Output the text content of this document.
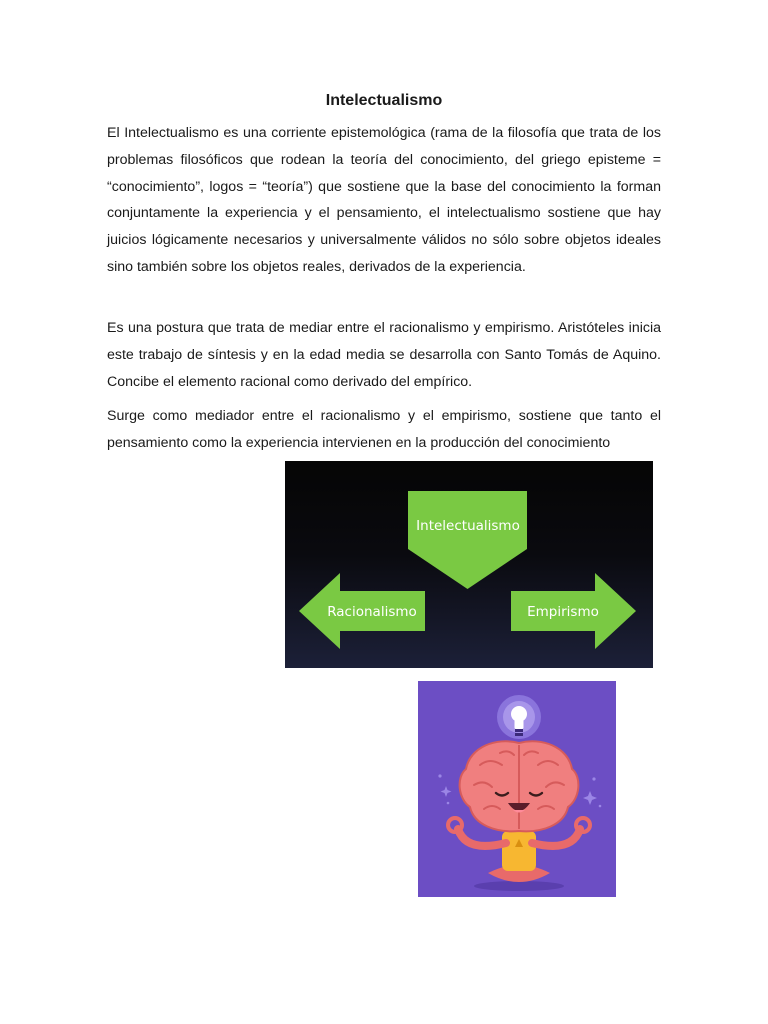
Intelectualismo

El Intelectualismo es una corriente epistemológica (rama de la filosofía que trata de los problemas filosóficos que rodean la teoría del conocimiento, del griego episteme = “conocimiento”, logos = “teoría”) que sostiene que la base del conocimiento la forman conjuntamente la experiencia y el pensamiento, el intelectualismo sostiene que hay juicios lógicamente necesarios y universalmente válidos no sólo sobre objetos ideales sino también sobre los objetos reales, derivados de la experiencia.

Es una postura que trata de mediar entre el racionalismo y empirismo. Aristóteles inicia este trabajo de síntesis y en la edad media se desarrolla con Santo Tomás de Aquino. Concibe el elemento racional como derivado del empírico.

Surge como mediador entre el racionalismo y el empirismo, sostiene que tanto el pensamiento como la experiencia intervienen en la producción del conocimiento

Intelectualismo
Racionalismo	Empirismo
